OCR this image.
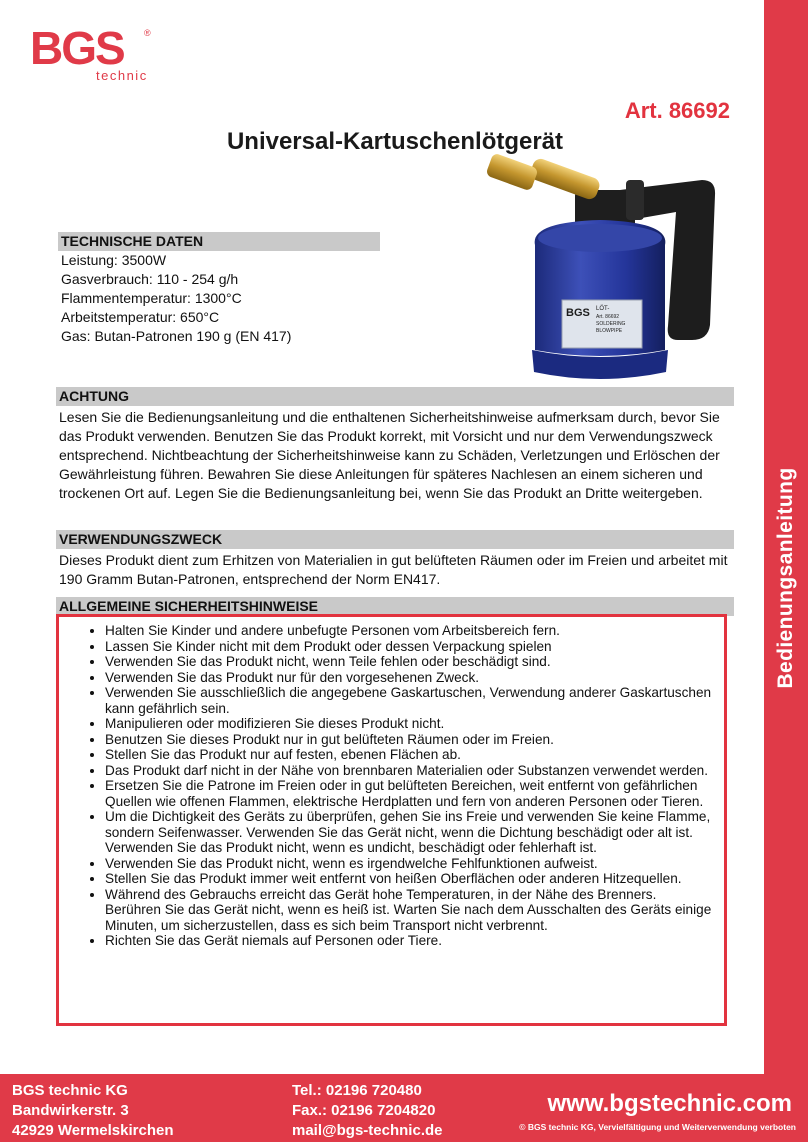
BGS ®
technic
Art. 86692
Universal-Kartuschenlötgerät
Bedienungsanleitung
TECHNISCHE DATEN
Leistung: 3500W
Gasverbrauch: 110 - 254 g/h
Flammentemperatur: 1300°C
Arbeitstemperatur: 650°C
Gas: Butan-Patronen 190 g (EN 417)
BGS LÖT-
Art. 86692
SOLDERING
BLOWPIPE
ACHTUNG

Lesen Sie die Bedienungsanleitung und die enthaltenen Sicherheitshinweise aufmerksam durch, bevor Sie das Produkt verwenden. Benutzen Sie das Produkt korrekt, mit Vorsicht und nur dem Verwendungszweck entsprechend. Nichtbeachtung der Sicherheitshinweise kann zu Schäden, Verletzungen und Erlöschen der Gewährleistung führen. Bewahren Sie diese Anleitungen für späteres Nachlesen an einem sicheren und trockenen Ort auf. Legen Sie die Bedienungsanleitung bei, wenn Sie das Produkt an Dritte weitergeben.

VERWENDUNGSZWECK

Dieses Produkt dient zum Erhitzen von Materialien in gut belüfteten Räumen oder im Freien und arbeitet mit 190 Gramm Butan-Patronen, entsprechend der Norm EN417.

ALLGEMEINE SICHERHEITSHINWEISE
• Halten Sie Kinder und andere unbefugte Personen vom Arbeitsbereich fern.
• Lassen Sie Kinder nicht mit dem Produkt oder dessen Verpackung spielen
• Verwenden Sie das Produkt nicht, wenn Teile fehlen oder beschädigt sind.
• Verwenden Sie das Produkt nur für den vorgesehenen Zweck.
• Verwenden Sie ausschließlich die angegebene Gaskartuschen, Verwendung anderer Gaskartuschen kann gefährlich sein.
• Manipulieren oder modifizieren Sie dieses Produkt nicht.
• Benutzen Sie dieses Produkt nur in gut belüfteten Räumen oder im Freien.
• Stellen Sie das Produkt nur auf festen, ebenen Flächen ab.
• Das Produkt darf nicht in der Nähe von brennbaren Materialien oder Substanzen verwendet werden.
• Ersetzen Sie die Patrone im Freien oder in gut belüfteten Bereichen, weit entfernt von gefährlichen Quellen wie offenen Flammen, elektrische Herdplatten und fern von anderen Personen oder Tieren.
• Um die Dichtigkeit des Geräts zu überprüfen, gehen Sie ins Freie und verwenden Sie keine Flamme, sondern Seifenwasser. Verwenden Sie das Gerät nicht, wenn die Dichtung beschädigt oder alt ist. Verwenden Sie das Produkt nicht, wenn es undicht, beschädigt oder fehlerhaft ist.
• Verwenden Sie das Produkt nicht, wenn es irgendwelche Fehlfunktionen aufweist.
• Stellen Sie das Produkt immer weit entfernt von heißen Oberflächen oder anderen Hitzequellen.
• Während des Gebrauchs erreicht das Gerät hohe Temperaturen, in der Nähe des Brenners. Berühren Sie das Gerät nicht, wenn es heiß ist. Warten Sie nach dem Ausschalten des Geräts einige Minuten, um sicherzustellen, dass es sich beim Transport nicht verbrennt.
• Richten Sie das Gerät niemals auf Personen oder Tiere.
BGS technic KG
Bandwirkerstr. 3
42929 Wermelskirchen
Tel.: 02196 720480
Fax.: 02196 7204820
mail@bgs-technic.de
www.bgstechnic.com
© BGS technic KG, Vervielfältigung und Weiterverwendung verboten
